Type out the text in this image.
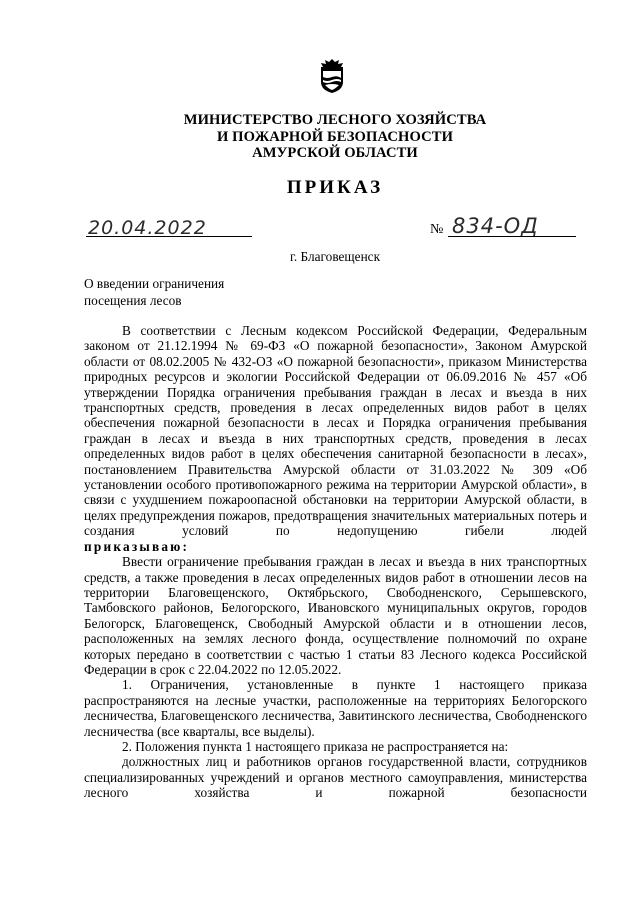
МИНИСТЕРСТВО ЛЕСНОГО ХОЗЯЙСТВА
И ПОЖАРНОЙ БЕЗОПАСНОСТИ
АМУРСКОЙ ОБЛАСТИ
ПРИКАЗ
20.04.2022	№ 834-ОД
г. Благовещенск
О введении ограничения
посещения лесов

В соответствии с Лесным кодексом Российской Федерации, Федеральным законом от 21.12.1994 № 69-ФЗ «О пожарной безопасности», Законом Амурской области от 08.02.2005 № 432-ОЗ «О пожарной безопасности», приказом Министерства природных ресурсов и экологии Российской Федерации от 06.09.2016 № 457 «Об утверждении Порядка ограничения пребывания граждан в лесах и въезда в них транспортных средств, проведения в лесах определенных видов работ в целях обеспечения пожарной безопасности в лесах и Порядка ограничения пребывания граждан в лесах и въезда в них транспортных средств, проведения в лесах определенных видов работ в целях обеспечения санитарной безопасности в лесах», постановлением Правительства Амурской области от 31.03.2022 № 309 «Об установлении особого противопожарного режима на территории Амурской области», в связи с ухудшением пожароопасной обстановки на территории Амурской области, в целях предупреждения пожаров, предотвращения значительных материальных потерь и создания условий по недопущению гибели людей

приказываю:

Ввести ограничение пребывания граждан в лесах и въезда в них транспортных средств, а также проведения в лесах определенных видов работ в отношении лесов на территории Благовещенского, Октябрьского, Свободненского, Серышевского, Тамбовского районов, Белогорского, Ивановского муниципальных округов, городов Белогорск, Благовещенск, Свободный Амурской области и в отношении лесов, расположенных на землях лесного фонда, осуществление полномочий по охране которых передано в соответствии с частью 1 статьи 83 Лесного кодекса Российской Федерации в срок с 22.04.2022 по 12.05.2022.

1. Ограничения, установленные в пункте 1 настоящего приказа распространяются на лесные участки, расположенные на территориях Белогорского лесничества, Благовещенского лесничества, Завитинского лесничества, Свободненского лесничества (все кварталы, все выделы).

2. Положения пункта 1 настоящего приказа не распространяется на:

должностных лиц и работников органов государственной власти, сотрудников специализированных учреждений и органов местного самоуправления, министерства лесного хозяйства и пожарной безопасности
